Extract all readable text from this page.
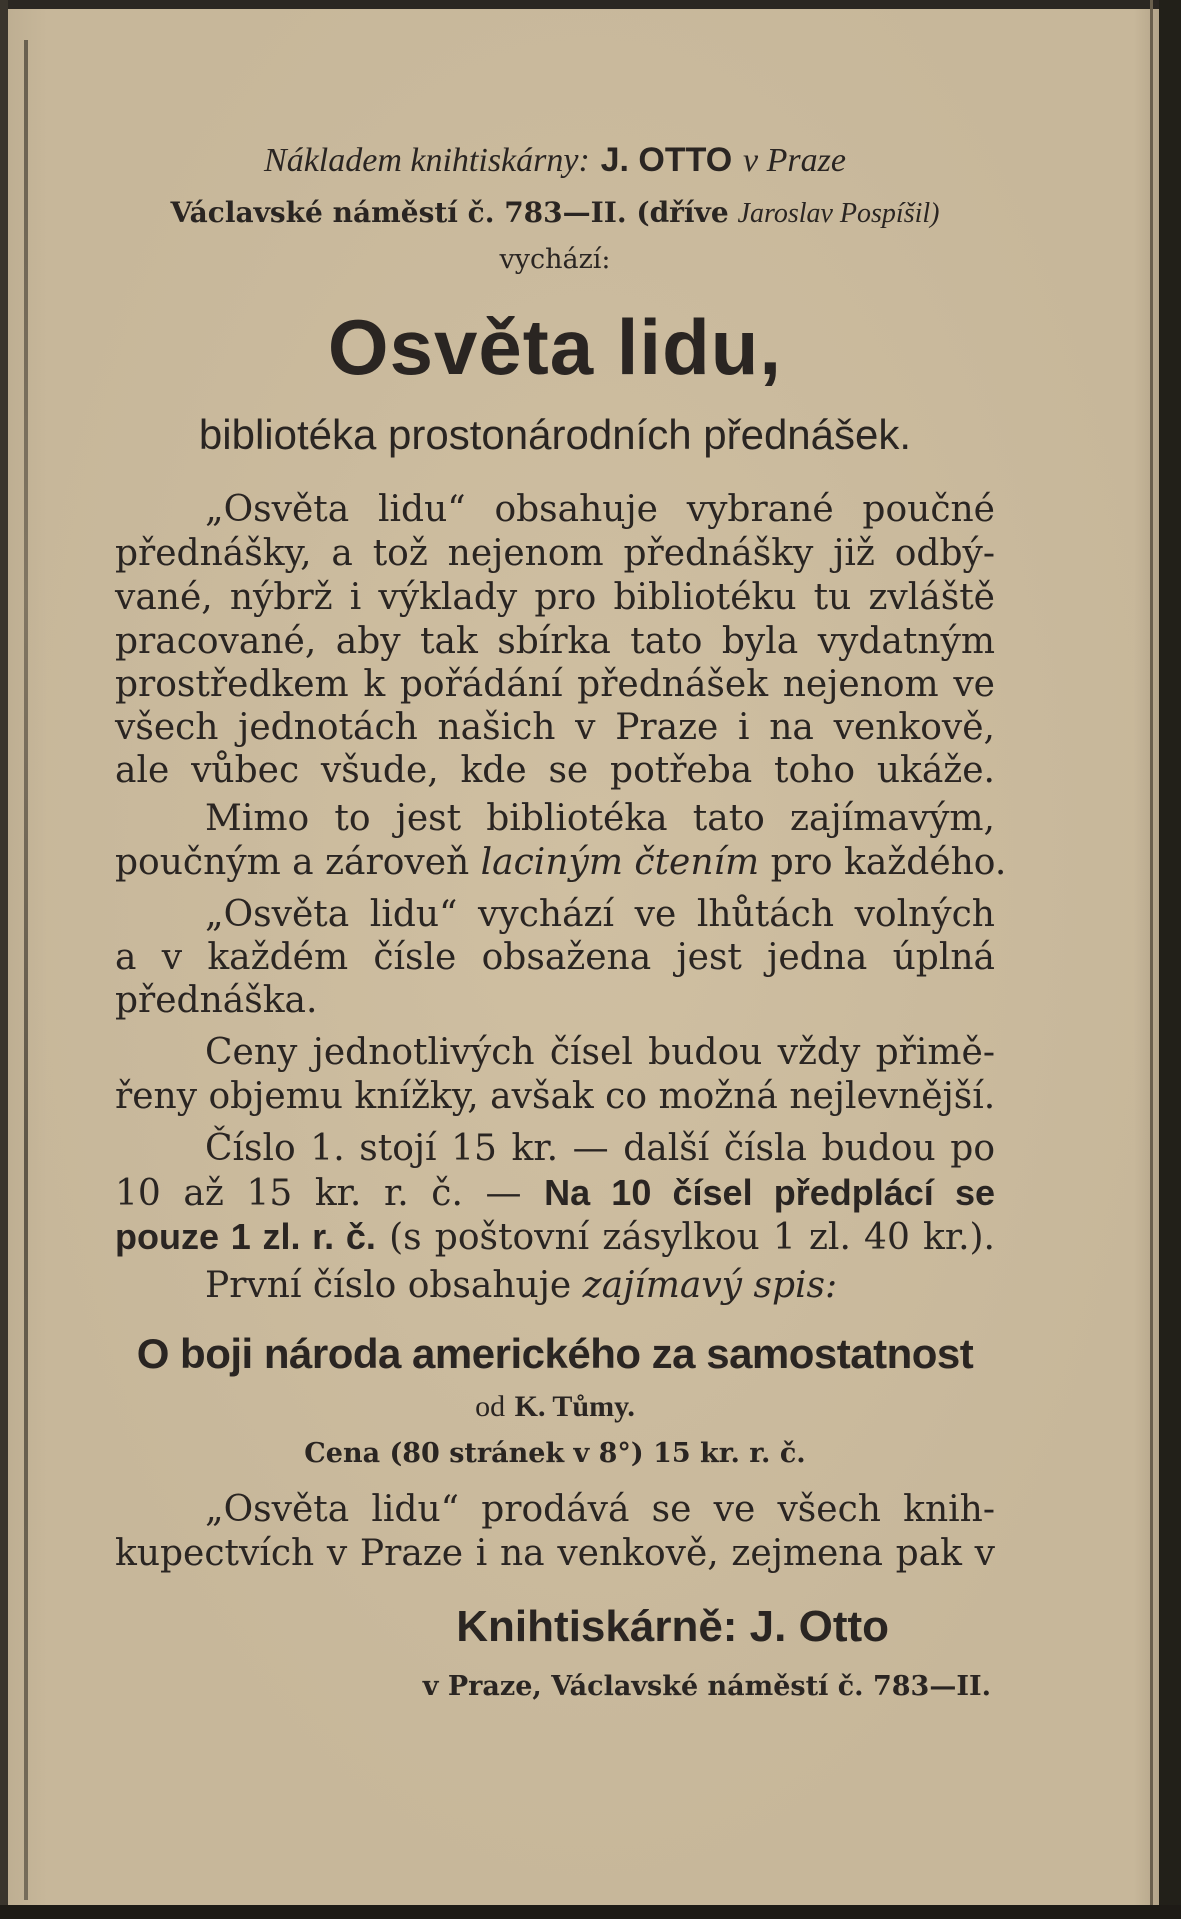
Nákladem knihtiskárny: J. OTTO v Praze
Václavské náměstí č. 783—II. (dříve Jaroslav Pospíšil)
vychází:
Osvěta lidu,
bibliotéka prostonárodních přednášek.
„Osvěta lidu“ obsahuje vybrané poučné
přednášky, a tož nejenom přednášky již odbý-
vané, nýbrž i výklady pro bibliotéku tu zvláště
pracované, aby tak sbírka tato byla vydatným
prostředkem k pořádání přednášek nejenom ve
všech jednotách našich v Praze i na venkově,
ale vůbec všude, kde se potřeba toho ukáže.
Mimo to jest bibliotéka tato zajímavým,
poučným a zároveň laciným čtením pro každého.
„Osvěta lidu“ vychází ve lhůtách volných
a v každém čísle obsažena jest jedna úplná
přednáška.
Ceny jednotlivých čísel budou vždy přimě-
řeny objemu knížky, avšak co možná nejlevnější.
Číslo 1. stojí 15 kr. — další čísla budou po
10 až 15 kr. r. č. — Na 10 čísel předplácí se
pouze 1 zl. r. č. (s poštovní zásylkou 1 zl. 40 kr.).
První číslo obsahuje zajímavý spis:
O boji národa amerického za samostatnost
od K. Tůmy.
Cena (80 stránek v 8°) 15 kr. r. č.
„Osvěta lidu“ prodává se ve všech knih-
kupectvích v Praze i na venkově, zejmena pak v
Knihtiskárně: J. Otto
v Praze, Václavské náměstí č. 783—II.
